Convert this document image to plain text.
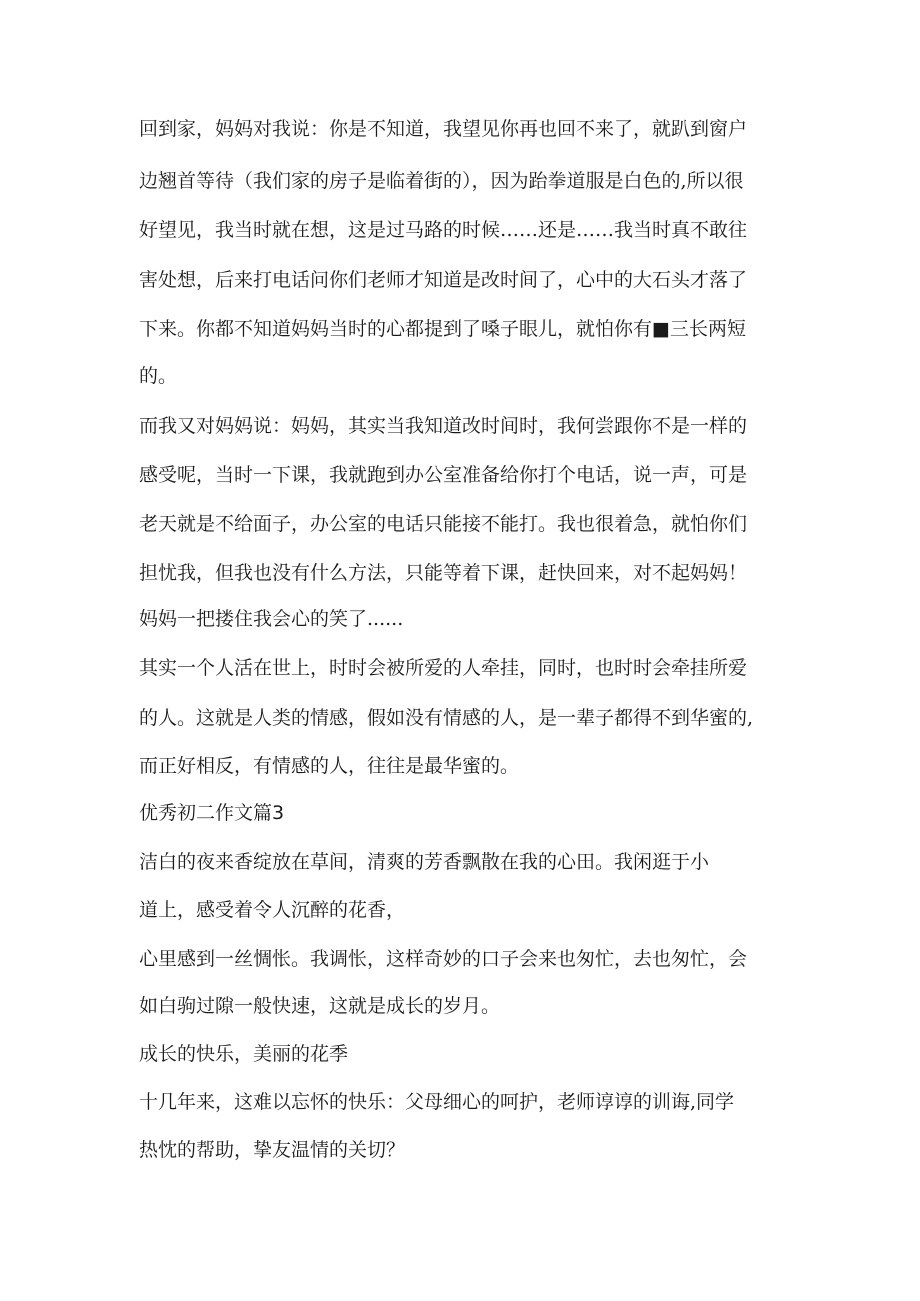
回到家，妈妈对我说：你是不知道，我望见你再也回不来了，就趴到窗户

边翘首等待（我们家的房子是临着街的），因为跆拳道服是白色的,所以很

好望见，我当时就在想，这是过马路的时候……还是……我当时真不敢往

害处想，后来打电话问你们老师才知道是改时间了，心中的大石头才落了

下来。你都不知道妈妈当时的心都提到了嗓子眼儿，就怕你有■三长两短

的。

而我又对妈妈说：妈妈，其实当我知道改时间时，我何尝跟你不是一样的

感受呢，当时一下课，我就跑到办公室准备给你打个电话，说一声，可是

老天就是不给面子，办公室的电话只能接不能打。我也很着急，就怕你们

担忧我，但我也没有什么方法，只能等着下课，赶快回来，对不起妈妈！

妈妈一把搂住我会心的笑了......

其实一个人活在世上，时时会被所爱的人牵挂，同时，也时时会牵挂所爱

的人。这就是人类的情感，假如没有情感的人，是一辈子都得不到华蜜的,

而正好相反，有情感的人，往往是最华蜜的。

优秀初二作文篇3

洁白的夜来香绽放在草间，清爽的芳香飘散在我的心田。我闲逛于小

道上，感受着令人沉醉的花香，

心里感到一丝惆怅。我调怅，这样奇妙的口子会来也匆忙，去也匆忙，会

如白驹过隙一般快速，这就是成长的岁月。

成长的快乐，美丽的花季

十几年来，这难以忘怀的快乐：父母细心的呵护，老师谆谆的训诲,同学

热忱的帮助，挚友温情的关切？
